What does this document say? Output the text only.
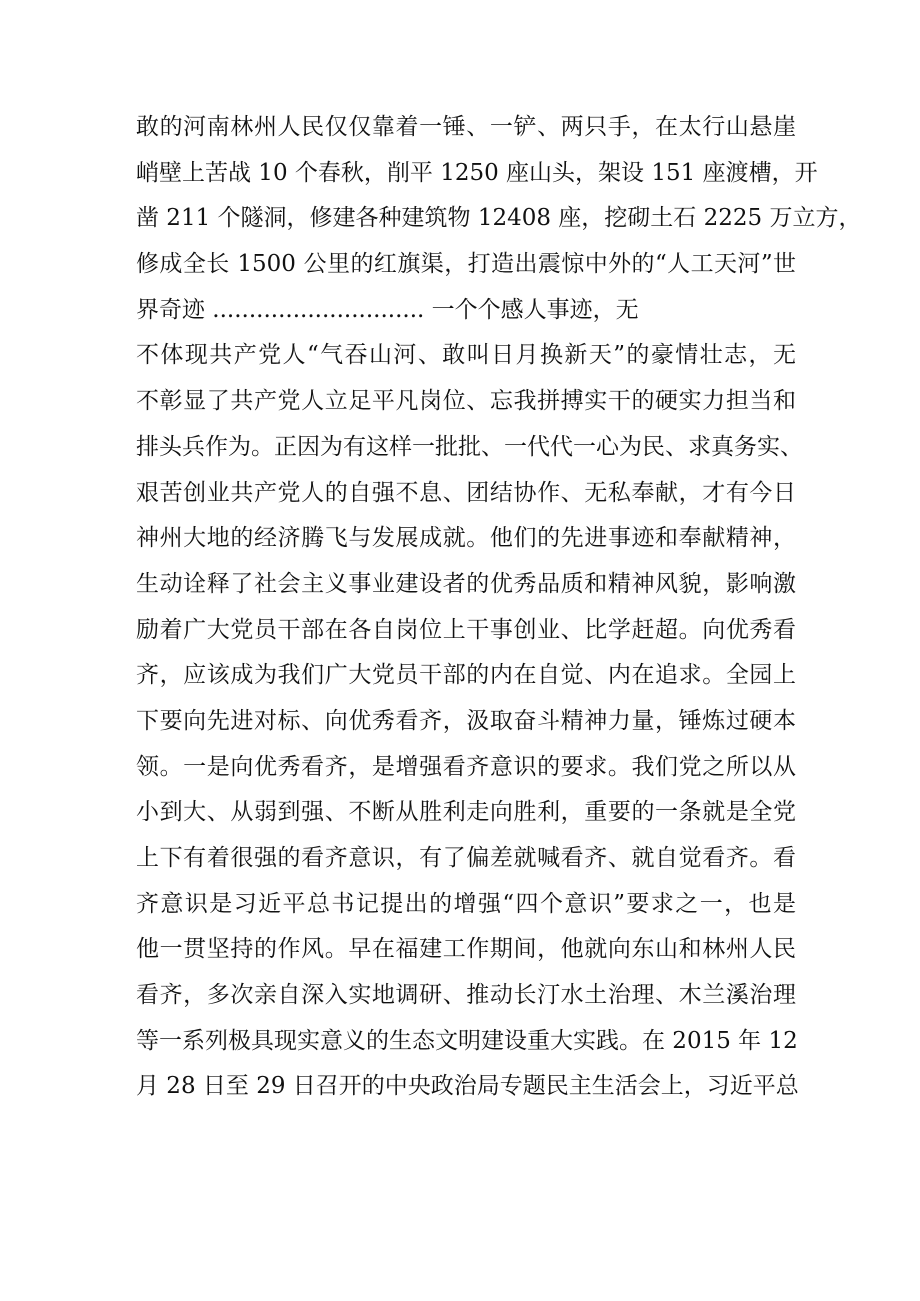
敢的河南林州人民仅仅靠着一锤、一铲、两只手，在太行山悬崖
峭壁上苦战 10 个春秋，削平 1250 座山头，架设 151 座渡槽，开
凿 211 个隧洞，修建各种建筑物 12408 座，挖砌土石 2225 万立方，
修成全长 1500 公里的红旗渠，打造出震惊中外的“人工天河”世
界奇迹 ............................. 一个个感人事迹，无
不体现共产党人“气吞山河、敢叫日月换新天”的豪情壮志，无
不彰显了共产党人立足平凡岗位、忘我拼搏实干的硬实力担当和
排头兵作为。正因为有这样一批批、一代代一心为民、求真务实、
艰苦创业共产党人的自强不息、团结协作、无私奉献，才有今日
神州大地的经济腾飞与发展成就。他们的先进事迹和奉献精神，
生动诠释了社会主义事业建设者的优秀品质和精神风貌，影响激
励着广大党员干部在各自岗位上干事创业、比学赶超。向优秀看
齐，应该成为我们广大党员干部的内在自觉、内在追求。全园上
下要向先进对标、向优秀看齐，汲取奋斗精神力量，锤炼过硬本
领。一是向优秀看齐，是增强看齐意识的要求。我们党之所以从
小到大、从弱到强、不断从胜利走向胜利，重要的一条就是全党
上下有着很强的看齐意识，有了偏差就喊看齐、就自觉看齐。看
齐意识是习近平总书记提出的增强“四个意识”要求之一，也是
他一贯坚持的作风。早在福建工作期间，他就向东山和林州人民
看齐，多次亲自深入实地调研、推动长汀水土治理、木兰溪治理
等一系列极具现实意义的生态文明建设重大实践。在 2015 年 12
月 28 日至 29 日召开的中央政治局专题民主生活会上，习近平总
